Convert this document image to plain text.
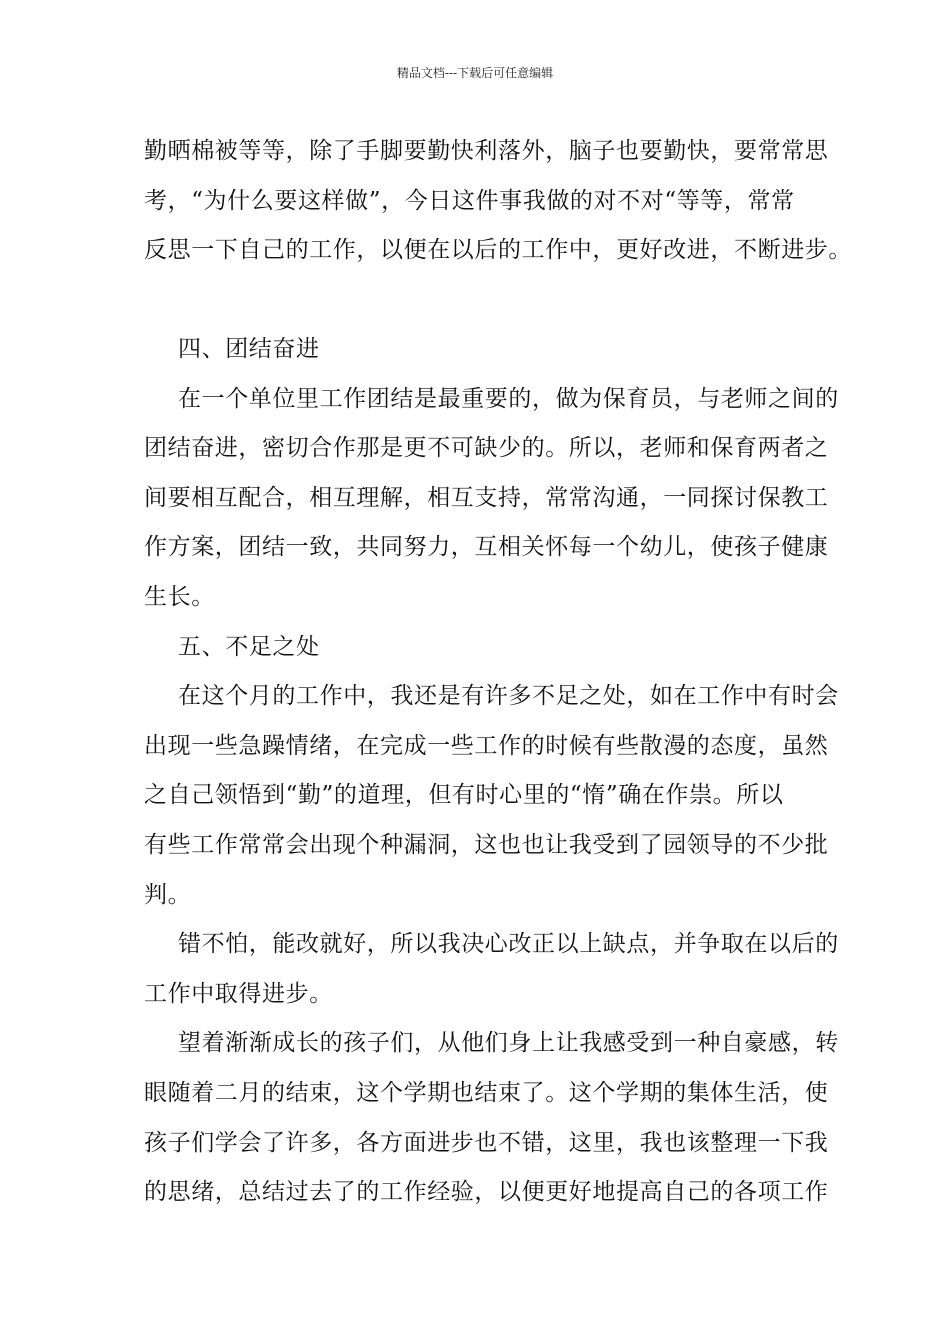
精品文档---下载后可任意编辑
勤晒棉被等等，除了手脚要勤快利落外，脑子也要勤快，要常常思
考，“为什么要这样做”，今日这件事我做的对不对“等等，常常
反思一下自己的工作，以便在以后的工作中，更好改进，不断进步。
四、团结奋进
在一个单位里工作团结是最重要的，做为保育员，与老师之间的
团结奋进，密切合作那是更不可缺少的。所以，老师和保育两者之
间要相互配合，相互理解，相互支持，常常沟通，一同探讨保教工
作方案，团结一致，共同努力，互相关怀每一个幼儿，使孩子健康
生长。
五、不足之处
在这个月的工作中，我还是有许多不足之处，如在工作中有时会
出现一些急躁情绪，在完成一些工作的时候有些散漫的态度，虽然
之自己领悟到“勤”的道理，但有时心里的“惰”确在作祟。所以
有些工作常常会出现个种漏洞，这也也让我受到了园领导的不少批
判。
错不怕，能改就好，所以我决心改正以上缺点，并争取在以后的
工作中取得进步。
望着渐渐成长的孩子们，从他们身上让我感受到一种自豪感，转
眼随着二月的结束，这个学期也结束了。这个学期的集体生活，使
孩子们学会了许多，各方面进步也不错，这里，我也该整理一下我
的思绪，总结过去了的工作经验，以便更好地提高自己的各项工作
